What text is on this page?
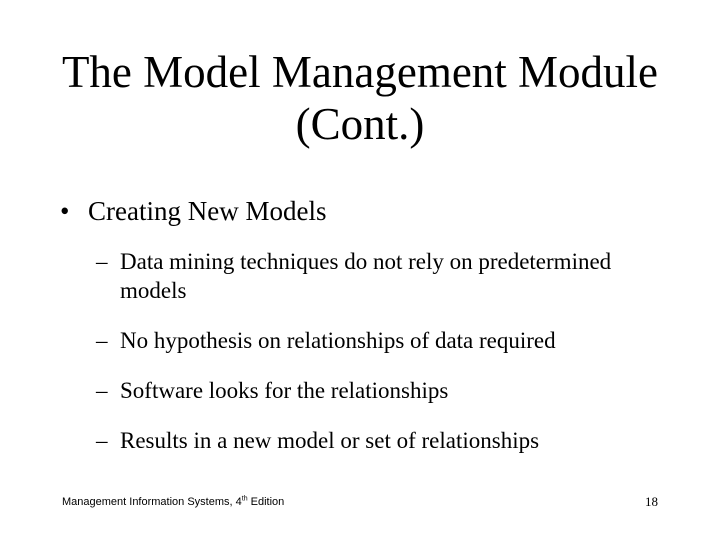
The Model Management Module
(Cont.)
• Creating New Models
– Data mining techniques do not rely on predetermined models
– No hypothesis on relationships of data required
– Software looks for the relationships
– Results in a new model or set of relationships
Management Information Systems, 4th Edition	18
